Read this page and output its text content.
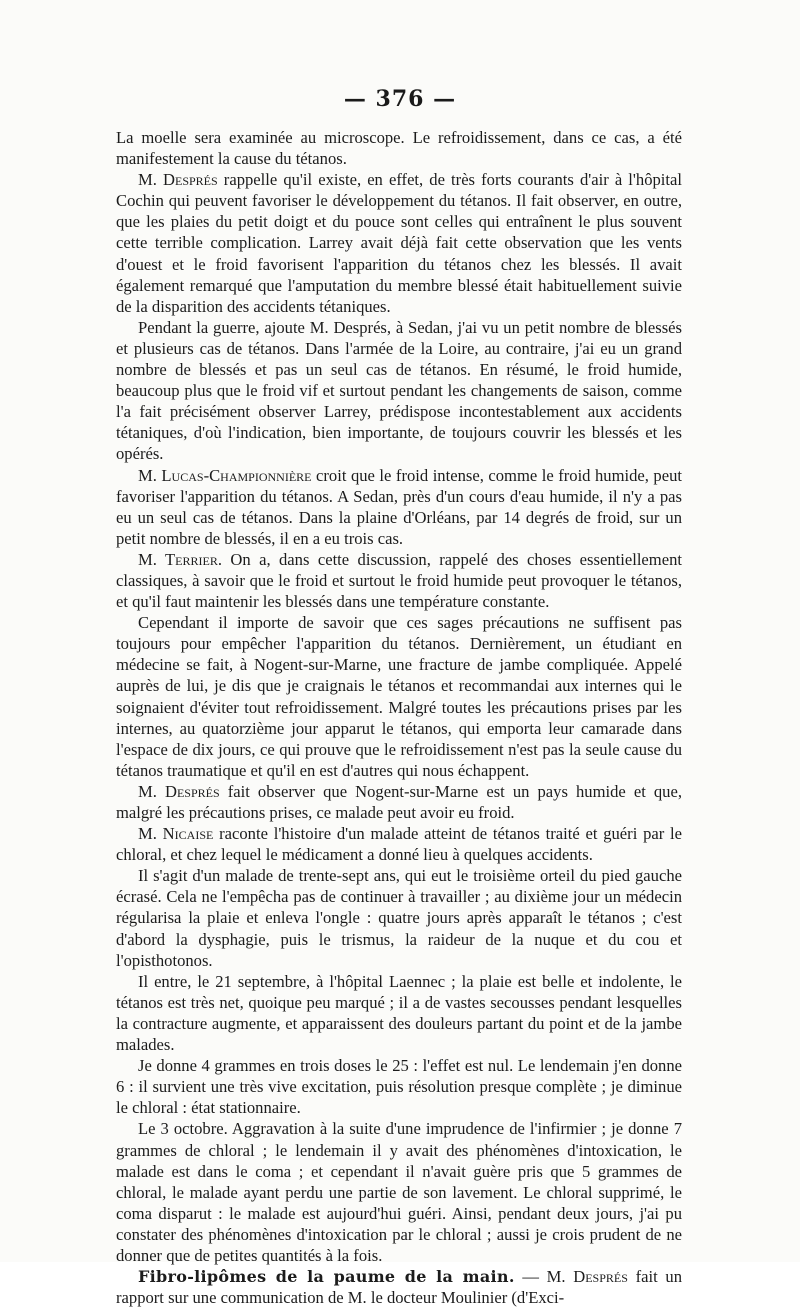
— 376 —

La moelle sera examinée au microscope. Le refroidissement, dans ce cas, a été manifestement la cause du tétanos.

M. Després rappelle qu'il existe, en effet, de très forts courants d'air à l'hôpital Cochin qui peuvent favoriser le développement du tétanos. Il fait observer, en outre, que les plaies du petit doigt et du pouce sont celles qui entraînent le plus souvent cette terrible complication. Larrey avait déjà fait cette observation que les vents d'ouest et le froid favorisent l'apparition du tétanos chez les blessés. Il avait également remarqué que l'amputation du membre blessé était habituellement suivie de la disparition des accidents tétaniques.

Pendant la guerre, ajoute M. Després, à Sedan, j'ai vu un petit nombre de blessés et plusieurs cas de tétanos. Dans l'armée de la Loire, au contraire, j'ai eu un grand nombre de blessés et pas un seul cas de tétanos. En résumé, le froid humide, beaucoup plus que le froid vif et surtout pendant les changements de saison, comme l'a fait précisément observer Larrey, prédispose incontestablement aux accidents tétaniques, d'où l'indication, bien importante, de toujours couvrir les blessés et les opérés.

M. Lucas-Championnière croit que le froid intense, comme le froid humide, peut favoriser l'apparition du tétanos. A Sedan, près d'un cours d'eau humide, il n'y a pas eu un seul cas de tétanos. Dans la plaine d'Orléans, par 14 degrés de froid, sur un petit nombre de blessés, il en a eu trois cas.

M. Terrier. On a, dans cette discussion, rappelé des choses essentiellement classiques, à savoir que le froid et surtout le froid humide peut provoquer le tétanos, et qu'il faut maintenir les blessés dans une température constante.

Cependant il importe de savoir que ces sages précautions ne suffisent pas toujours pour empêcher l'apparition du tétanos. Dernièrement, un étudiant en médecine se fait, à Nogent-sur-Marne, une fracture de jambe compliquée. Appelé auprès de lui, je dis que je craignais le tétanos et recommandai aux internes qui le soignaient d'éviter tout refroidissement. Malgré toutes les précautions prises par les internes, au quatorzième jour apparut le tétanos, qui emporta leur camarade dans l'espace de dix jours, ce qui prouve que le refroidissement n'est pas la seule cause du tétanos traumatique et qu'il en est d'autres qui nous échappent.

M. Després fait observer que Nogent-sur-Marne est un pays humide et que, malgré les précautions prises, ce malade peut avoir eu froid.

M. Nicaise raconte l'histoire d'un malade atteint de tétanos traité et guéri par le chloral, et chez lequel le médicament a donné lieu à quelques accidents.

Il s'agit d'un malade de trente-sept ans, qui eut le troisième orteil du pied gauche écrasé. Cela ne l'empêcha pas de continuer à travailler ; au dixième jour un médecin régularisa la plaie et enleva l'ongle : quatre jours après apparaît le tétanos ; c'est d'abord la dysphagie, puis le trismus, la raideur de la nuque et du cou et l'opisthotonos.

Il entre, le 21 septembre, à l'hôpital Laennec ; la plaie est belle et indolente, le tétanos est très net, quoique peu marqué ; il a de vastes secousses pendant lesquelles la contracture augmente, et apparaissent des douleurs partant du point et de la jambe malades.

Je donne 4 grammes en trois doses le 25 : l'effet est nul. Le lendemain j'en donne 6 : il survient une très vive excitation, puis résolution presque complète ; je diminue le chloral : état stationnaire.

Le 3 octobre. Aggravation à la suite d'une imprudence de l'infirmier ; je donne 7 grammes de chloral ; le lendemain il y avait des phénomènes d'intoxication, le malade est dans le coma ; et cependant il n'avait guère pris que 5 grammes de chloral, le malade ayant perdu une partie de son lavement. Le chloral supprimé, le coma disparut : le malade est aujourd'hui guéri. Ainsi, pendant deux jours, j'ai pu constater des phénomènes d'intoxication par le chloral ; aussi je crois prudent de ne donner que de petites quantités à la fois.

Fibro-lipômes de la paume de la main. — M. Després fait un rapport sur une communication de M. le docteur Moulinier (d'Exci-
